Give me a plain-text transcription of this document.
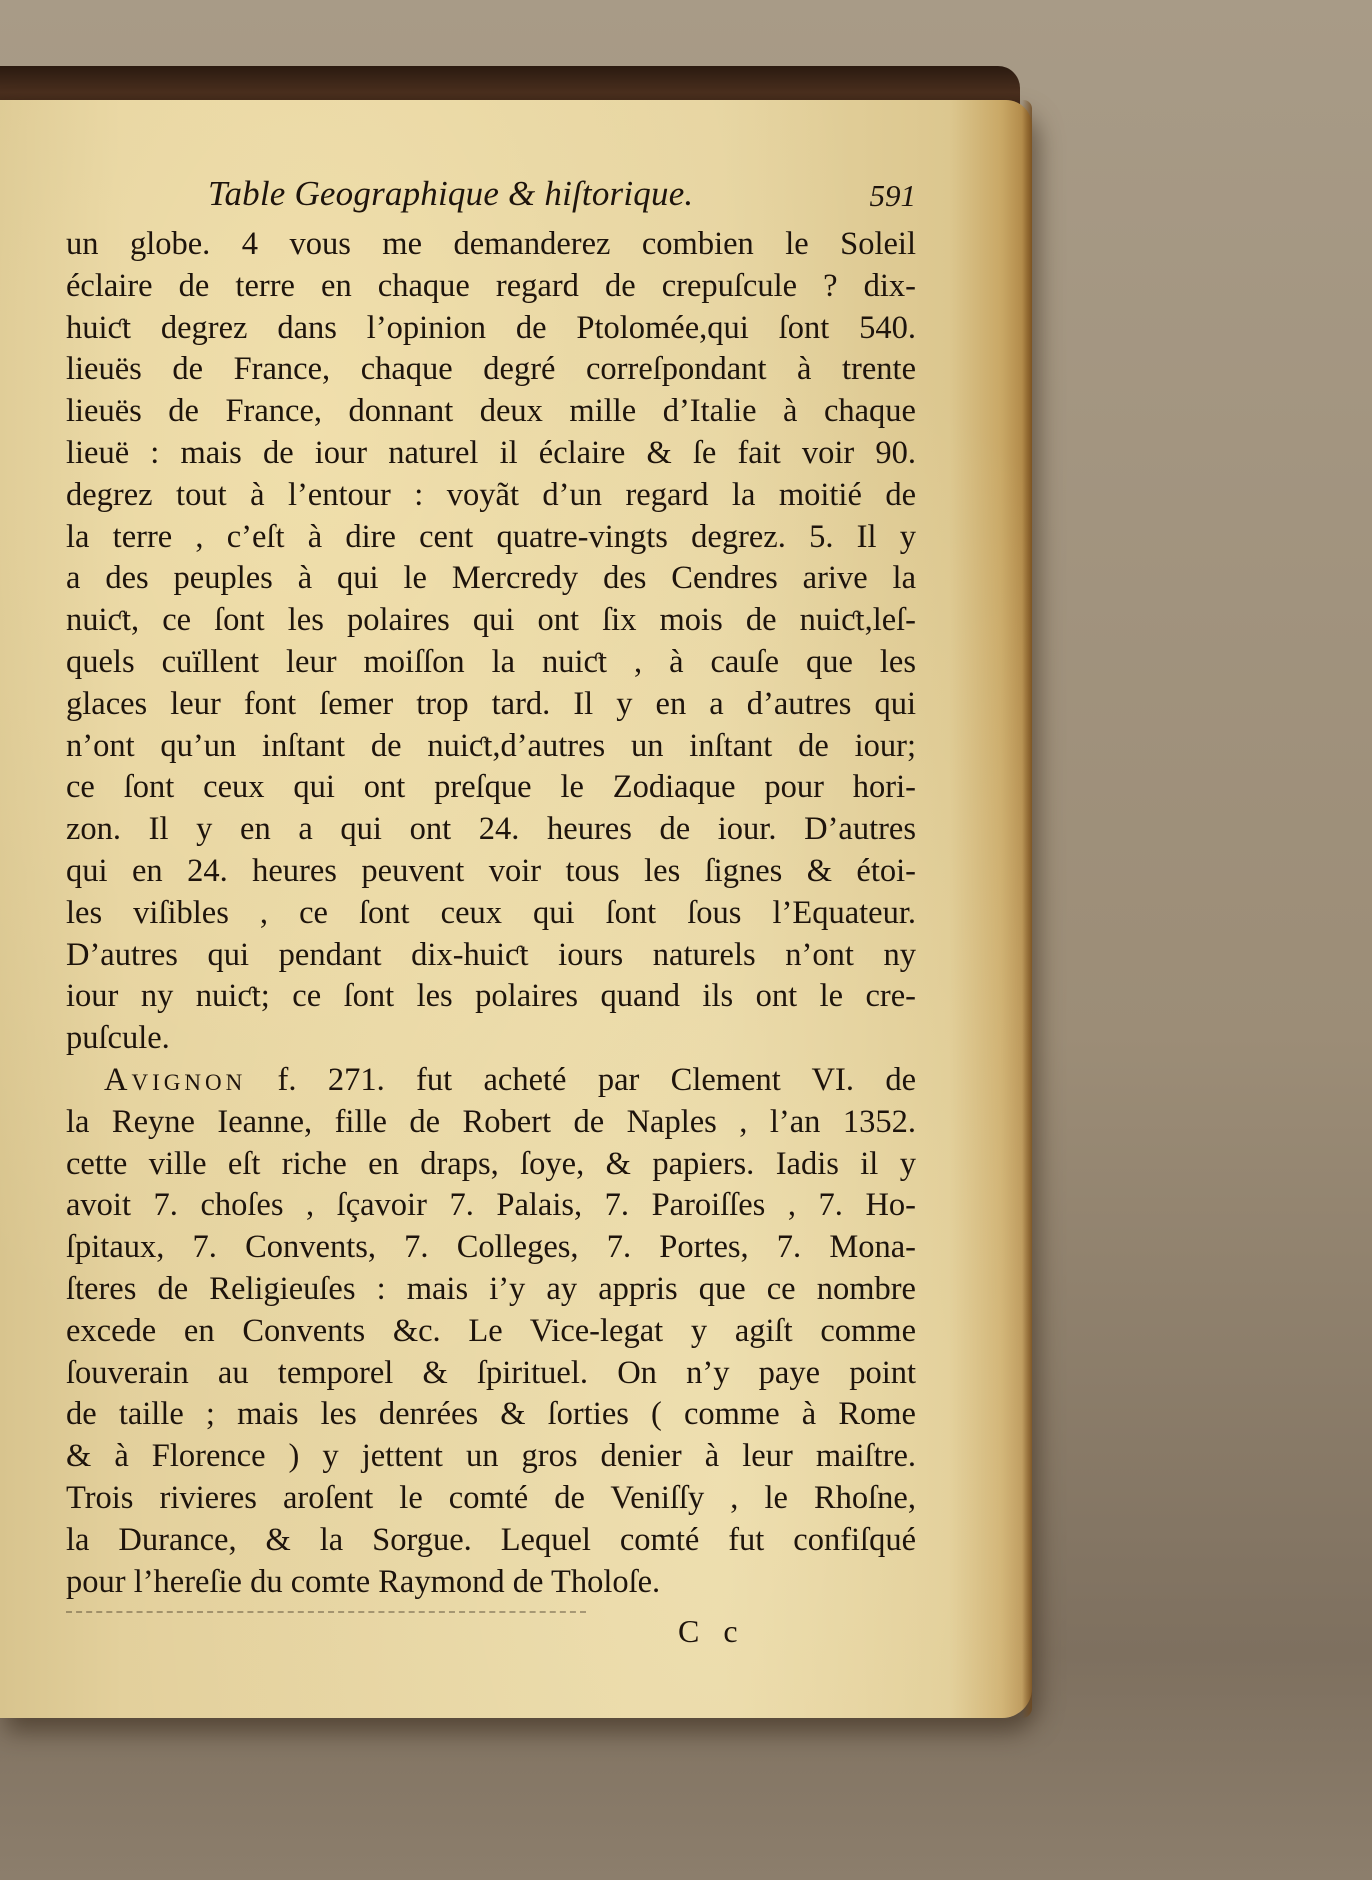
Table Geographique & hiſtorique.	591
un globe. 4 vous me demanderez combien le Soleil
éclaire de terre en chaque regard de crepuſcule ? dix-
huiƈt degrez dans l’opinion de Ptolomée,qui ſont 540.
lieuës de France, chaque degré correſpondant à trente
lieuës de France, donnant deux mille d’Italie à chaque
lieuë : mais de iour naturel il éclaire & ſe fait voir 90.
degrez tout à l’entour : voyãt d’un regard la moitié de
la terre , c’eſt à dire cent quatre-vingts degrez. 5. Il y
a des peuples à qui le Mercredy des Cendres arive la
nuiƈt, ce ſont les polaires qui ont ſix mois de nuiƈt,leſ-
quels cuïllent leur moiſſon la nuiƈt , à cauſe que les
glaces leur font ſemer trop tard. Il y en a d’autres qui
n’ont qu’un inſtant de nuiƈt,d’autres un inſtant de iour;
ce ſont ceux qui ont preſque le Zodiaque pour hori-
zon. Il y en a qui ont 24. heures de iour. D’autres
qui en 24. heures peuvent voir tous les ſignes & étoi-
les viſibles , ce ſont ceux qui ſont ſous l’Equateur.
D’autres qui pendant dix-huiƈt iours naturels n’ont ny
iour ny nuiƈt; ce ſont les polaires quand ils ont le cre-
puſcule.
Avignon f. 271. fut acheté par Clement VI. de
la Reyne Ieanne, fille de Robert de Naples , l’an 1352.
cette ville eſt riche en draps, ſoye, & papiers. Iadis il y
avoit 7. choſes , ſçavoir 7. Palais, 7. Paroiſſes , 7. Ho-
ſpitaux, 7. Convents, 7. Colleges, 7. Portes, 7. Mona-
ſteres de Religieuſes : mais i’y ay appris que ce nombre
excede en Convents &c. Le Vice-legat y agiſt comme
ſouverain au temporel & ſpirituel. On n’y paye point
de taille ; mais les denrées & ſorties ( comme à Rome
& à Florence ) y jettent un gros denier à leur maiſtre.
Trois rivieres aroſent le comté de Veniſſy , le Rhoſne,
la Durance, & la Sorgue. Lequel comté fut confiſqué
pour l’hereſie du comte Raymond de Tholoſe.
C c
